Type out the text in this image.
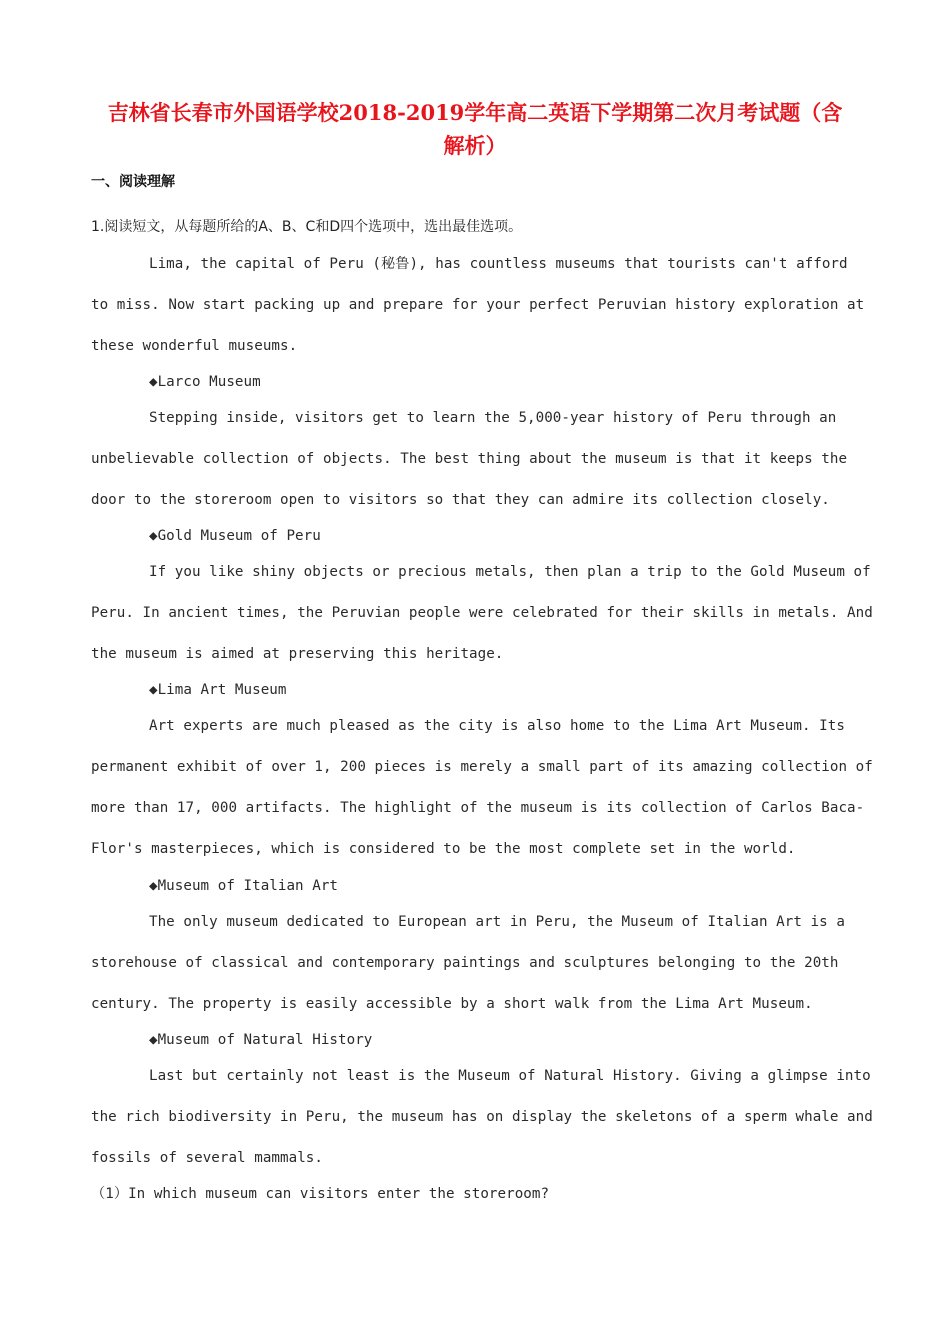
吉林省长春市外国语学校2018-2019学年高二英语下学期第二次月考试题（含
解析）
一、阅读理解
1.阅读短文，从每题所给的A、B、C和D四个选项中，选出最佳选项。
Lima, the capital of Peru (秘鲁), has countless museums that tourists can't afford
to miss. Now start packing up and prepare for your perfect Peruvian history exploration at
these wonderful museums.
◆Larco Museum
Stepping inside, visitors get to learn the 5,000-year history of Peru through an
unbelievable collection of objects. The best thing about the museum is that it keeps the
door to the storeroom open to visitors so that they can admire its collection closely.
◆Gold Museum of Peru
If you like shiny objects or precious metals, then plan a trip to the Gold Museum of
Peru. In ancient times, the Peruvian people were celebrated for their skills in metals. And
the museum is aimed at preserving this heritage.
◆Lima Art Museum
Art experts are much pleased as the city is also home to the Lima Art Museum. Its
permanent exhibit of over 1, 200 pieces is merely a small part of its amazing collection of
more than 17, 000 artifacts. The highlight of the museum is its collection of Carlos Baca-
Flor's masterpieces, which is considered to be the most complete set in the world.
◆Museum of Italian Art
The only museum dedicated to European art in Peru, the Museum of Italian Art is a
storehouse of classical and contemporary paintings and sculptures belonging to the 20th
century. The property is easily accessible by a short walk from the Lima Art Museum.
◆Museum of Natural History
Last but certainly not least is the Museum of Natural History. Giving a glimpse into
the rich biodiversity in Peru, the museum has on display the skeletons of a sperm whale and
fossils of several mammals.
（1）In which museum can visitors enter the storeroom?
